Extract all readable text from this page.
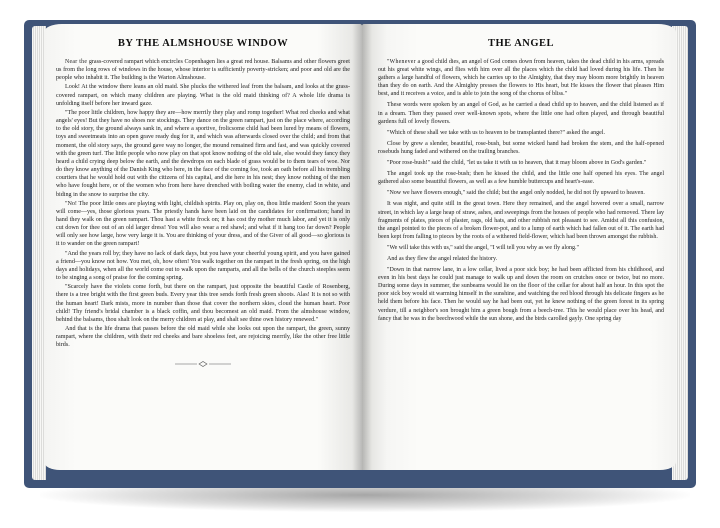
BY THE ALMSHOUSE WINDOW

Near the grass-covered rampart which encircles Copenhagen lies a great red house. Balsams and other flowers greet us from the long rows of windows in the house, whose interior is sufficiently poverty-stricken; and poor and old are the people who inhabit it. The building is the Warton Almshouse.

Look! At the window there leans an old maid. She plucks the withered leaf from the balsam, and looks at the grass-covered rampart, on which many children are playing. What is the old maid thinking of? A whole life drama is unfolding itself before her inward gaze.

"The poor little children, how happy they are—how merrily they play and romp together! What red cheeks and what angels' eyes! But they have no shoes nor stockings. They dance on the green rampart, just on the place where, according to the old story, the ground always sank in, and where a sportive, frolicsome child had been lured by means of flowers, toys and sweetmeats into an open grave ready dug for it, and which was afterwards closed over the child; and from that moment, the old story says, the ground gave way no longer, the mound remained firm and fast, and was quickly covered with the green turf. The little people who now play on that spot know nothing of the old tale, else would they fancy they heard a child crying deep below the earth, and the dewdrops on each blade of grass would be to them tears of woe. Nor do they know anything of the Danish King who here, in the face of the coming foe, took an oath before all his trembling courtiers that he would hold out with the citizens of his capital, and die here in his nest; they know nothing of the men who have fought here, or of the women who from here have drenched with boiling water the enemy, clad in white, and biding in the snow to surprise the city.

"No! The poor little ones are playing with light, childish spirits. Play on, play on, thou little maiden! Soon the years will come—yes, those glorious years. The priestly hands have been laid on the candidates for confirmation; hand in hand they walk on the green rampart. Thou hast a white frock on; it has cost thy mother much labor, and yet it is only cut down for thee out of an old larger dress! You will also wear a red shawl; and what if it hang too far down? People will only see how large, how very large it is. You are thinking of your dress, and of the Giver of all good—so glorious is it to wander on the green rampart!

"And the years roll by; they have no lack of dark days, but you have your cheerful young spirit, and you have gained a friend—you know not how. You met, oh, how often! You walk together on the rampart in the fresh spring, on the high days and holidays, when all the world come out to walk upon the ramparts, and all the bells of the church steeples seem to be singing a song of praise for the coming spring.

"Scarcely have the violets come forth, but there on the rampart, just opposite the beautiful Castle of Rosenberg, there is a tree bright with the first green buds. Every year this tree sends forth fresh green shoots. Alas! It is not so with the human heart! Dark mists, more in number than those that cover the northern skies, cloud the human heart. Poor child! Thy friend's bridal chamber is a black coffin, and thou becomest an old maid. From the almshouse window, behind the balsams, thou shalt look on the merry children at play, and shalt see thine own history renewed."

And that is the life drama that passes before the old maid while she looks out upon the rampart, the green, sunny rampart, where the children, with their red cheeks and bare shoeless feet, are rejoicing merrily, like the other free little birds.

THE ANGEL

"Whenever a good child dies, an angel of God comes down from heaven, takes the dead child in his arms, spreads out his great white wings, and flies with him over all the places which the child had loved during his life. Then he gathers a large handful of flowers, which he carries up to the Almighty, that they may bloom more brightly in heaven than they do on earth. And the Almighty presses the flowers to His heart, but He kisses the flower that pleases Him best, and it receives a voice, and is able to join the song of the chorus of bliss."

These words were spoken by an angel of God, as he carried a dead child up to heaven, and the child listened as if in a dream. Then they passed over well-known spots, where the little one had often played, and through beautiful gardens full of lovely flowers.

"Which of these shall we take with us to heaven to be transplanted there?" asked the angel.

Close by grew a slender, beautiful, rose-bush, but some wicked hand had broken the stem, and the half-opened rosebuds hung faded and withered on the trailing branches.

"Poor rose-bush!" said the child, "let us take it with us to heaven, that it may bloom above in God's garden."

The angel took up the rose-bush; then he kissed the child, and the little one half opened his eyes. The angel gathered also some beautiful flowers, as well as a few humble buttercups and heart's-ease.

"Now we have flowers enough," said the child; but the angel only nodded, he did not fly upward to heaven.

It was night, and quite still in the great town. Here they remained, and the angel hovered over a small, narrow street, in which lay a large heap of straw, ashes, and sweepings from the houses of people who had removed. There lay fragments of plates, pieces of plaster, rags, old hats, and other rubbish not pleasant to see. Amidst all this confusion, the angel pointed to the pieces of a broken flower-pot, and to a lump of earth which had fallen out of it. The earth had been kept from falling to pieces by the roots of a withered field-flower, which had been thrown amongst the rubbish.

"We will take this with us," said the angel, "I will tell you why as we fly along."

And as they flew the angel related the history.

"Down in that narrow lane, in a low cellar, lived a poor sick boy; he had been afflicted from his childhood, and even in his best days he could just manage to walk up and down the room on crutches once or twice, but no more. During some days in summer, the sunbeams would lie on the floor of the cellar for about half an hour. In this spot the poor sick boy would sit warming himself in the sunshine, and watching the red blood through his delicate fingers as he held them before his face. Then he would say he had been out, yet he knew nothing of the green forest in its spring verdure, till a neighbor's son brought him a green bough from a beech-tree. This he would place over his head, and fancy that he was in the beechwood while the sun shone, and the birds carolled gayly. One spring day
